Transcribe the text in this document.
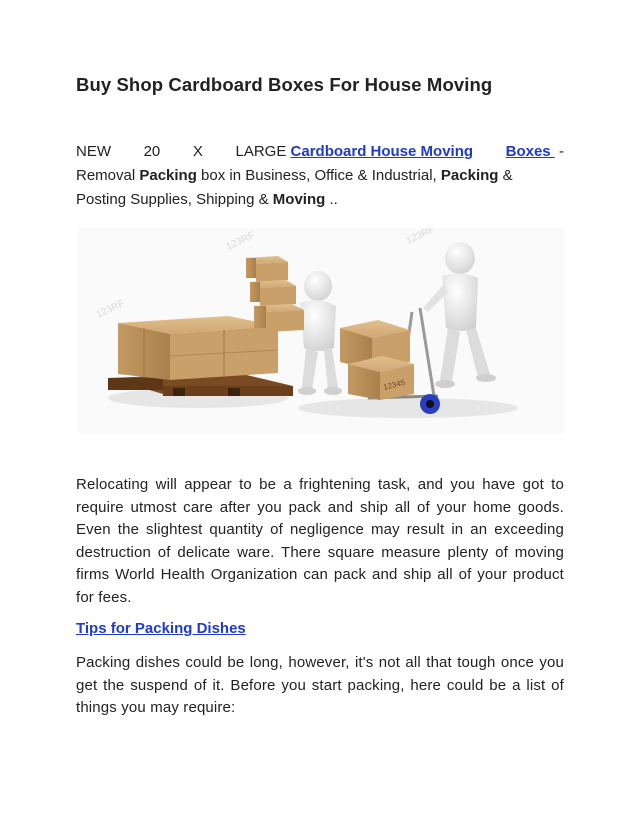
Buy Shop Cardboard Boxes For House Moving
NEW 20 X LARGE Cardboard House Moving Boxes  -
Removal Packing box in Business, Office & Industrial, Packing & Posting Supplies, Shipping & Moving ..
123RF	123RF
123RF
12345

Relocating will appear to be a frightening task, and you have got to require utmost care after you pack and ship all of your home goods. Even the slightest quantity of negligence may result in an exceeding destruction of delicate ware. There square measure plenty of moving firms World Health Organization can pack and ship all of your product for fees.

Tips for Packing Dishes

Packing dishes could be long, however, it's not all that tough once you get the suspend of it. Before you start packing, here could be a list of things you may require:
